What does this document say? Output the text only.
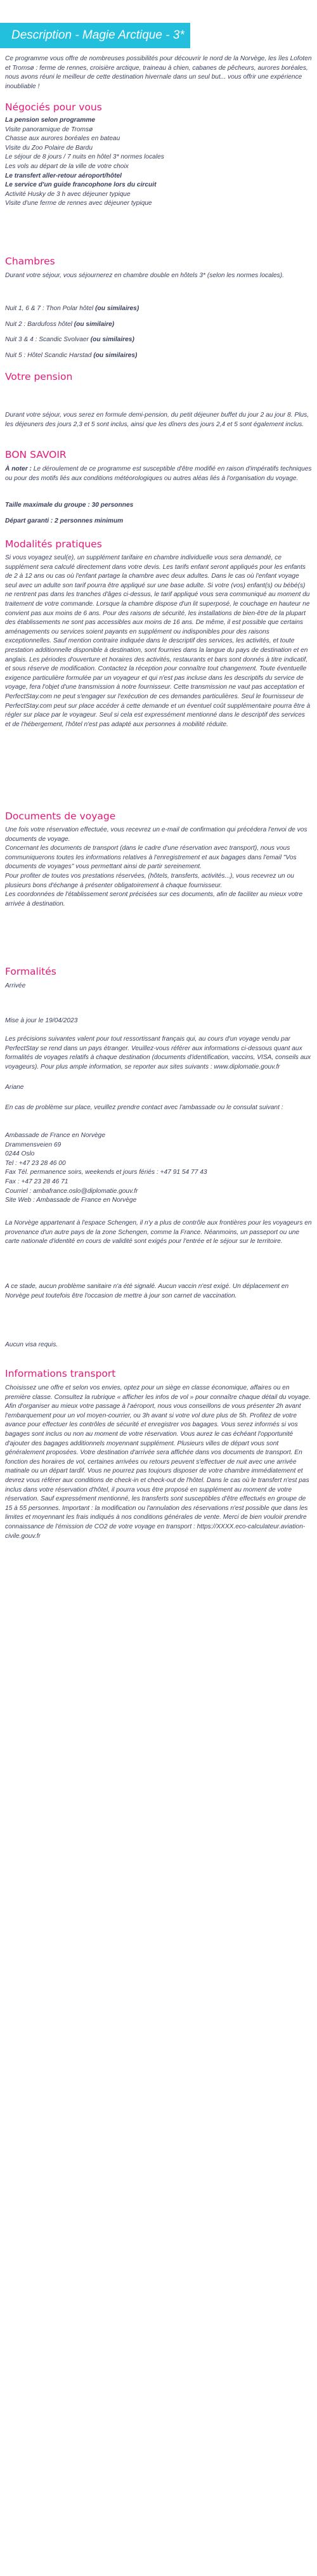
Description - Magie Arctique - 3*
Ce programme vous offre de nombreuses possibilités pour découvrir le nord de la Norvège, les îles Lofoten et Tromsø : ferme de rennes, croisière arctique, traineau à chien, cabanes de pêcheurs, aurores boréales, nous avons réuni le meilleur de cette destination hivernale dans un seul but... vous offrir une expérience inoubliable !
Négociés pour vous

La pension selon programme

Visite panoramique de Tromsø

Chasse aux aurores boréales en bateau

Visite du Zoo Polaire de Bardu

Le séjour de 8 jours / 7 nuits en hôtel 3* normes locales

Les vols au départ de la ville de votre choix

Le transfert aller-retour aéroport/hôtel

Le service d'un guide francophone lors du circuit

Activité Husky de 3 h avec déjeuner typique

Visite d'une ferme de rennes avec déjeuner typique

Chambres
Durant votre séjour, vous séjournerez en chambre double en hôtels 3* (selon les normes locales).

Nuit 1, 6 & 7 : Thon Polar hôtel (ou similaires)

Nuit 2 : Bardufoss hôtel (ou similaire)

Nuit 3 & 4 : Scandic Svolvaer (ou similaires)

Nuit 5 : Hôtel Scandic Harstad (ou similaires)

Votre pension
Durant votre séjour, vous serez en formule demi-pension, du petit déjeuner buffet du jour 2 au jour 8. Plus, les déjeuners des jours 2,3 et 5 sont inclus, ainsi que les dîners des jours 2,4 et 5 sont également inclus.
BON SAVOIR
À noter : Le déroulement de ce programme est susceptible d'être modifié en raison d'impératifs techniques ou pour des motifs liés aux conditions météorologiques ou autres aléas liés à l'organisation du voyage.
Taille maximale du groupe : 30 personnes
Départ garanti : 2 personnes minimum
Modalités pratiques
Si vous voyagez seul(e), un supplément tarifaire en chambre individuelle vous sera demandé, ce supplément sera calculé directement dans votre devis. Les tarifs enfant seront appliqués pour les enfants de 2 à 12 ans ou cas où l'enfant partage la chambre avec deux adultes. Dans le cas où l'enfant voyage seul avec un adulte son tarif pourra être appliqué sur une base adulte. Si votre (vos) enfant(s) ou bébé(s) ne rentrent pas dans les tranches d'âges ci-dessus, le tarif appliqué vous sera communiqué au moment du traitement de votre commande. Lorsque la chambre dispose d'un lit superposé, le couchage en hauteur ne convient pas aux moins de 6 ans. Pour des raisons de sécurité, les installations de bien-être de la plupart des établissements ne sont pas accessibles aux moins de 16 ans. De même, il est possible que certains aménagements ou services soient payants en supplément ou indisponibles pour des raisons exceptionnelles. Sauf mention contraire indiquée dans le descriptif des services, les activités, et toute prestation additionnelle disponible à destination, sont fournies dans la langue du pays de destination et en anglais. Les périodes d'ouverture et horaires des activités, restaurants et bars sont donnés à titre indicatif, et sous réserve de modification. Contactez la réception pour connaître tout changement. Toute éventuelle exigence particulière formulée par un voyageur et qui n'est pas incluse dans les descriptifs du service de voyage, fera l'objet d'une transmission à notre fournisseur. Cette transmission ne vaut pas acceptation et PerfectStay.com ne peut s'engager sur l'exécution de ces demandes particulières. Seul le fournisseur de PerfectStay.com peut sur place accéder à cette demande et un éventuel coût supplémentaire pourra être à régler sur place par le voyageur. Seul si cela est expressément mentionné dans le descriptif des services et de l'hébergement, l'hôtel n'est pas adapté aux personnes à mobilité réduite.
Documents de voyage

Une fois votre réservation effectuée, vous recevrez un e-mail de confirmation qui précédera l'envoi de vos documents de voyage.

Concernant les documents de transport (dans le cadre d'une réservation avec transport), nous vous communiquerons toutes les informations relatives à l'enregistrement et aux bagages dans l'email "Vos documents de voyages" vous permettant ainsi de partir sereinement.

Pour profiter de toutes vos prestations réservées, (hôtels, transferts, activités...), vous recevrez un ou plusieurs bons d'échange à présenter obligatoirement à chaque fournisseur.

Les coordonnées de l'établissement seront précisées sur ces documents, afin de faciliter au mieux votre arrivée à destination.

Formalités
Arrivée
Mise à jour le 19/04/2023
Les précisions suivantes valent pour tout ressortissant français qui, au cours d'un voyage vendu par PerfectStay se rend dans un pays étranger. Veuillez-vous référer aux informations ci-dessous quant aux formalités de voyages relatifs à chaque destination (documents d'identification, vaccins, VISA, conseils aux voyageurs). Pour plus ample information, se reporter aux sites suivants : www.diplomatie.gouv.fr
Ariane
En cas de problème sur place, veuillez prendre contact avec l'ambassade ou le consulat suivant :

Ambassade de France en Norvège

Drammensveien 69

0244 Oslo

Tel : +47 23 28 46 00

Fax Tél. permanence soirs, weekends et jours fériés : +47 91 54 77 43

Fax : +47 23 28 46 71

Courriel : ambafrance.oslo@diplomatie.gouv.fr

Site Web : Ambassade de France en Norvège

La Norvège appartenant à l'espace Schengen, il n'y a plus de contrôle aux frontières pour les voyageurs en provenance d'un autre pays de la zone Schengen, comme la France. Néanmoins, un passeport ou une carte nationale d'identité en cours de validité sont exigés pour l'entrée et le séjour sur le territoire.
A ce stade, aucun problème sanitaire n'a été signalé. Aucun vaccin n'est exigé. Un déplacement en Norvège peut toutefois être l'occasion de mettre à jour son carnet de vaccination.
Aucun visa requis.
Informations transport
Choisissez une offre et selon vos envies, optez pour un siège en classe économique, affaires ou en première classe. Consultez la rubrique « afficher les infos de vol » pour connaître chaque détail du voyage. Afin d'organiser au mieux votre passage à l'aéroport, nous vous conseillons de vous présenter 2h avant l'embarquement pour un vol moyen-courrier, ou 3h avant si votre vol dure plus de 5h. Profitez de votre avance pour effectuer les contrôles de sécurité et enregistrer vos bagages. Vous serez informés si vos bagages sont inclus ou non au moment de votre réservation. Vous aurez le cas échéant l'opportunité d'ajouter des bagages additionnels moyennant supplément. Plusieurs villes de départ vous sont généralement proposées. Votre destination d'arrivée sera affichée dans vos documents de transport. En fonction des horaires de vol, certaines arrivées ou retours peuvent s'effectuer de nuit avec une arrivée matinale ou un départ tardif. Vous ne pourrez pas toujours disposer de votre chambre immédiatement et devrez vous référer aux conditions de check-in et check-out de l'hôtel. Dans le cas où le transfert n'est pas inclus dans votre réservation d'hôtel, il pourra vous être proposé en supplément au moment de votre réservation. Sauf expressément mentionné, les transferts sont susceptibles d'être effectués en groupe de 15 à 55 personnes. Important : la modification ou l'annulation des réservations n'est possible que dans les limites et moyennant les frais indiqués à nos conditions générales de vente. Merci de bien vouloir prendre connaissance de l'émission de CO2 de votre voyage en transport : https://XXXX.eco-calculateur.aviation-civile.gouv.fr
